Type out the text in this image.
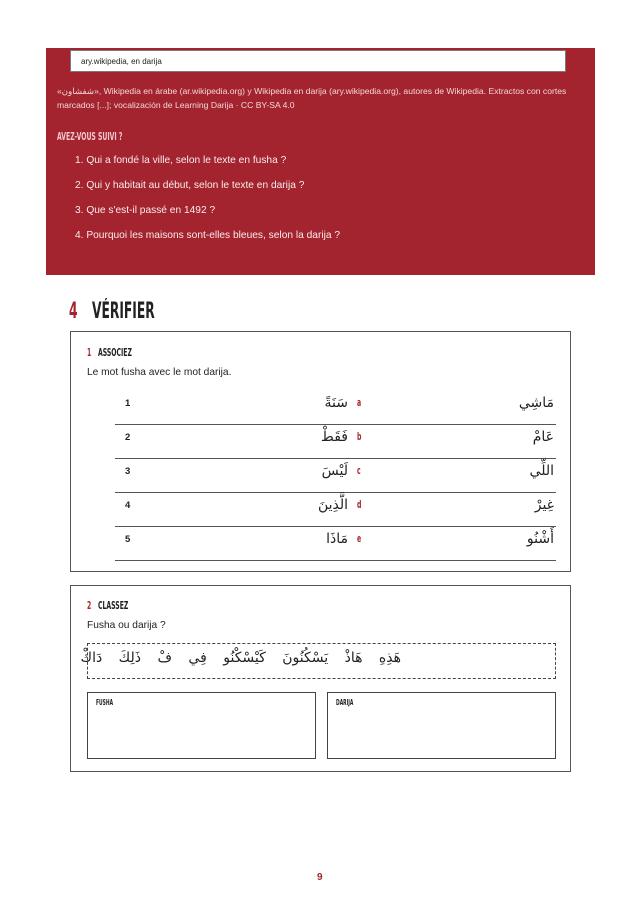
ary.wikipedia, en darija
«شفشاون», Wikipedia en árabe (ar.wikipedia.org) y Wikipedia en darija (ary.wikipedia.org), autores de Wikipedia. Extractos con cortes marcados [...]; vocalización de Learning Darija · CC BY-SA 4.0
AVEZ-VOUS SUIVI ?
1. Qui a fondé la ville, selon le texte en fusha ?
2. Qui y habitait au début, selon le texte en darija ?
3. Que s'est-il passé en 1492 ?
4. Pourquoi les maisons sont-elles bleues, selon la darija ?
4 VÉRIFIER
1 ASSOCIEZ
Le mot fusha avec le mot darija.
1	سَنَةً a	مَاشِي
2	فَقَطْ b	عَامْ
3	لَيْسَ c	اللِّي
4	الَّذِينَ d	غِيرْ
5	مَاذَا e	أَشْنُو
2 CLASSEZ
Fusha ou darija ?
هَذِهِ هَاذْ يَسْكُنُونَ كَيْسْكْنُو فِي فْ ذَلِكَ دَاكْ
FUSHA	DARIJA
9
